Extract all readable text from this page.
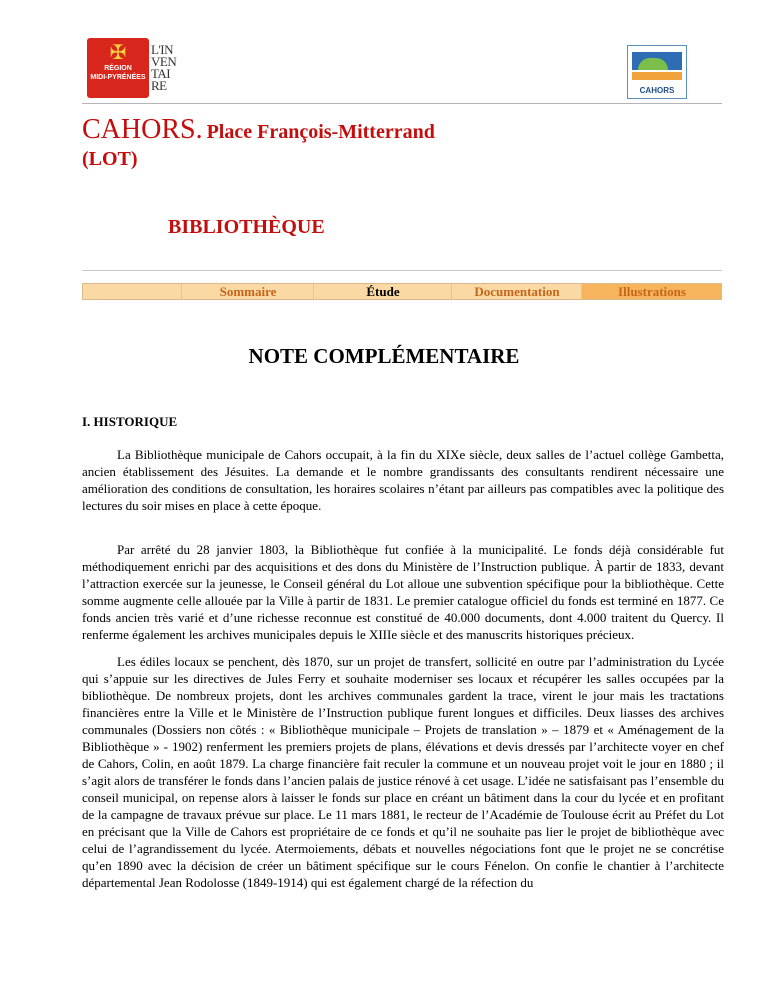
✠
RÉGION
MIDI-PYRÉNÉES
L'IN
VEN
TAI
RE	CAHORS
CAHORS. Place François-Mitterrand
(LOT)
BIBLIOTHÈQUE
Sommaire	Étude	Documentation	Illustrations
NOTE COMPLÉMENTAIRE
I. HISTORIQUE

La Bibliothèque municipale de Cahors occupait, à la fin du XIXe siècle, deux salles de l’actuel collège Gambetta, ancien établissement des Jésuites. La demande et le nombre grandissants des consultants rendirent nécessaire une amélioration des conditions de consultation, les horaires scolaires n’étant par ailleurs pas compatibles avec la politique des lectures du soir mises en place à cette époque.

Par arrêté du 28 janvier 1803, la Bibliothèque fut confiée à la municipalité. Le fonds déjà considérable fut méthodiquement enrichi par des acquisitions et des dons du Ministère de l’Instruction publique. À partir de 1833, devant l’attraction exercée sur la jeunesse, le Conseil général du Lot alloue une subvention spécifique pour la bibliothèque. Cette somme augmente celle allouée par la Ville à partir de 1831. Le premier catalogue officiel du fonds est terminé en 1877. Ce fonds ancien très varié et d’une richesse reconnue est constitué de 40.000 documents, dont 4.000 traitent du Quercy. Il renferme également les archives municipales depuis le XIIIe siècle et des manuscrits historiques précieux.

Les édiles locaux se penchent, dès 1870, sur un projet de transfert, sollicité en outre par l’administration du Lycée qui s’appuie sur les directives de Jules Ferry et souhaite moderniser ses locaux et récupérer les salles occupées par la bibliothèque. De nombreux projets, dont les archives communales gardent la trace, virent le jour mais les tractations financières entre la Ville et le Ministère de l’Instruction publique furent longues et difficiles. Deux liasses des archives communales (Dossiers non côtés : « Bibliothèque municipale – Projets de translation » – 1879 et « Aménagement de la Bibliothèque » - 1902) renferment les premiers projets de plans, élévations et devis dressés par l’architecte voyer en chef de Cahors, Colin, en août 1879. La charge financière fait reculer la commune et un nouveau projet voit le jour en 1880 ; il s’agit alors de transférer le fonds dans l’ancien palais de justice rénové à cet usage. L’idée ne satisfaisant pas l’ensemble du conseil municipal, on repense alors à laisser le fonds sur place en créant un bâtiment dans la cour du lycée et en profitant de la campagne de travaux prévue sur place. Le 11 mars 1881, le recteur de l’Académie de Toulouse écrit au Préfet du Lot en précisant que la Ville de Cahors est propriétaire de ce fonds et qu’il ne souhaite pas lier le projet de bibliothèque avec celui de l’agrandissement du lycée. Atermoiements, débats et nouvelles négociations font que le projet ne se concrétise qu’en 1890 avec la décision de créer un bâtiment spécifique sur le cours Fénelon. On confie le chantier à l’architecte départemental Jean Rodolosse (1849-1914) qui est également chargé de la réfection du
